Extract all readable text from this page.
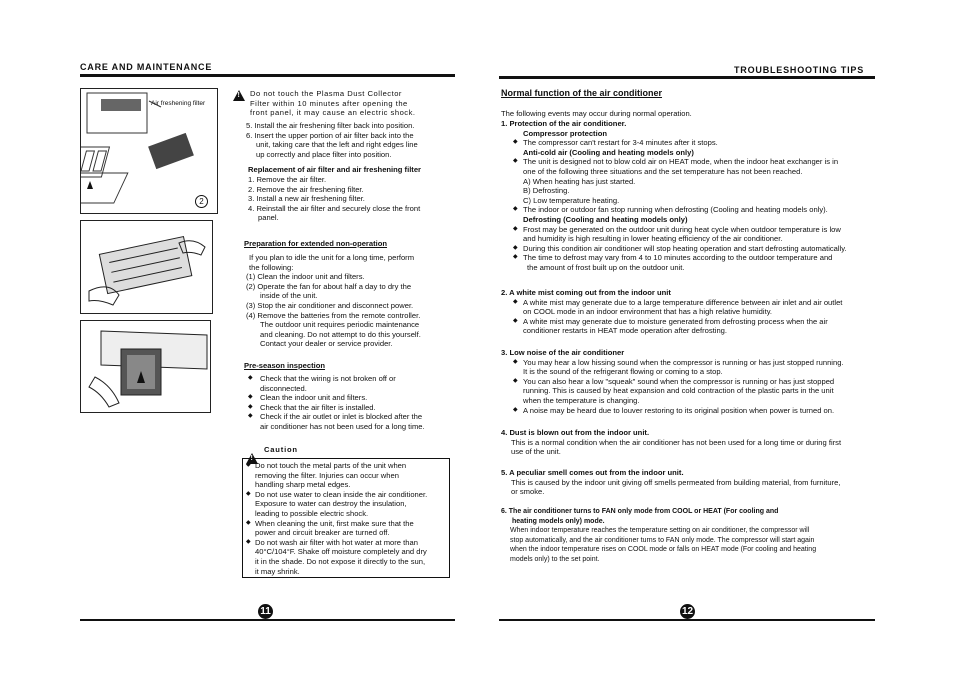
CARE AND MAINTENANCE
Air freshening filter
2
! Do not touch the Plasma Dust Collector
Filter within 10 minutes after opening the
front panel, it may cause an electric shock.
5. Install the air freshening filter back into position.
6. Insert the upper portion of air filter back into the
unit, taking care that the left and right edges line
up correctly and place filter into position.
Replacement of air filter and air freshening filter
1. Remove the air filter.
2. Remove the air freshening filter.
3. Install a new air freshening filter.
4. Reinstall the air filter and securely close the front
panel.
Preparation for extended non-operation
If you plan to idle the unit for a long time, perform
the following:
(1) Clean the indoor unit and filters.
(2) Operate the fan for about half a day to dry the
inside of the unit.
(3) Stop the air conditioner and disconnect power.
(4) Remove the batteries from the remote controller.
The outdoor unit requires periodic maintenance
and cleaning. Do not attempt to do this yourself.
Contact your dealer or service provider.
Pre-season inspection
◆ Check that the wiring is not broken off or
disconnected.
◆ Clean the indoor unit and filters.
◆ Check that the air filter is installed.
◆ Check if the air outlet or inlet is blocked after the
air conditioner has not been used for a long time.
!
Caution
◆ Do not touch the metal parts of the unit when
removing the filter. Injuries can occur when
handling sharp metal edges.
◆ Do not use water to clean inside the air conditioner.
Exposure to water can destroy the insulation,
leading to possible electric shock.
◆ When cleaning the unit, first make sure that the
power and circuit breaker are turned off.
◆ Do not wash air filter with hot water at more than
40°C/104°F. Shake off moisture completely and dry
it in the shade. Do not expose it directly to the sun,
it may shrink.
11
TROUBLESHOOTING TIPS
Normal function of the air conditioner
The following events may occur during normal operation.
1. Protection of the air conditioner.
Compressor protection
◆ The compressor can't restart for 3-4 minutes after it stops.
Anti-cold air (Cooling and heating models only)
◆ The unit is designed not to blow cold air on HEAT mode, when the indoor heat exchanger is in
one of the following three situations and the set temperature has not been reached.
A) When heating has just started.
B) Defrosting.
C) Low temperature heating.
◆ The indoor or outdoor fan stop running when defrosting (Cooling and heating models only).
Defrosting (Cooling and heating models only)
◆ Frost may be generated on the outdoor unit during heat cycle when outdoor temperature is low
and humidity is high resulting in lower heating efficiency of the air conditioner.
◆ During this condition air conditioner will stop heating operation and start defrosting automatically.
◆ The time to defrost may vary from 4 to 10 minutes according to the outdoor temperature and
the amount of frost built up on the outdoor unit.
2. A white mist coming out from the indoor unit
◆ A white mist may generate due to a large temperature difference between air inlet and air outlet
on COOL mode in an indoor environment that has a high relative humidity.
◆ A white mist may generate due to moisture generated from defrosting process when the air
conditioner restarts in HEAT mode operation after defrosting.
3. Low noise of the air conditioner
◆ You may hear a low hissing sound when the compressor is running or has just stopped running.
It is the sound of the refrigerant flowing or coming to a stop.
◆ You can also hear a low "squeak" sound when the compressor is running or has just stopped
running. This is caused by heat expansion and cold contraction of the plastic parts in the unit
when the temperature is changing.
◆ A noise may be heard due to louver restoring to its original position when power is turned on.
4. Dust is blown out from the indoor unit.
This is a normal condition when the air conditioner has not been used for a long time or during first
use of the unit.
5. A peculiar smell comes out from the indoor unit.
This is caused by the indoor unit giving off smells permeated from building material, from furniture,
or smoke.
6. The air conditioner turns to FAN only mode from COOL or HEAT (For cooling and
heating models only) mode.
When indoor temperature reaches the temperature setting on air conditioner, the compressor will
stop automatically, and the air conditioner turns to FAN only mode. The compressor will start again
when the indoor temperature rises on COOL mode or falls on HEAT mode (For cooling and heating
models only) to the set point.
12
